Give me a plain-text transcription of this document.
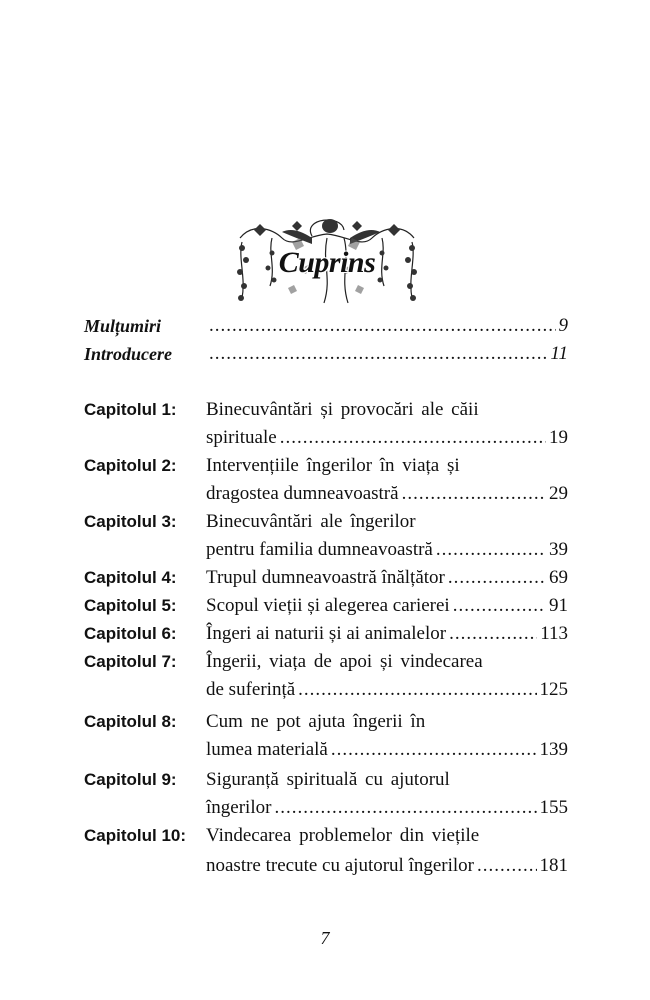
Cuprins
Mulțumiri .....	9
Introducere .....	11
Capitolul 1: Binecuvântări și provocări ale căii
spirituale .....	19
Capitolul 2: Intervențiile îngerilor în viața și
dragostea dumneavoastră .....	29
Capitolul 3: Binecuvântări ale îngerilor
pentru familia dumneavoastră .....	39
Capitolul 4: Trupul dumneavoastră înălțător .....	69
Capitolul 5: Scopul vieții și alegerea carierei .....	91
Capitolul 6: Îngeri ai naturii și ai animalelor .....	113
Capitolul 7: Îngerii, viața de apoi și vindecarea
de suferință .....	125
Capitolul 8: Cum ne pot ajuta îngerii în
lumea materială .....	139
Capitolul 9: Siguranță spirituală cu ajutorul
îngerilor .....	155
Capitolul 10: Vindecarea problemelor din viețile
noastre trecute cu ajutorul îngerilor .....	181
7
